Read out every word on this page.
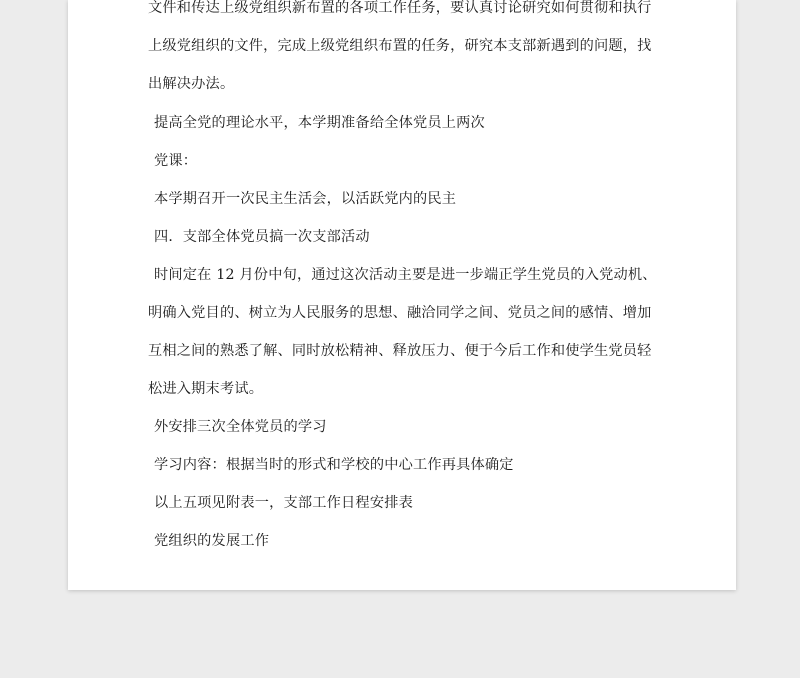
文件和传达上级党组织新布置的各项工作任务，要认真讨论研究如何贯彻和执行
上级党组织的文件，完成上级党组织布置的任务，研究本支部新遇到的问题，找
出解决办法。
提高全党的理论水平，本学期准备给全体党员上两次
党课：
本学期召开一次民主生活会，以活跃党内的民主
四．支部全体党员搞一次支部活动
时间定在 12 月份中旬，通过这次活动主要是进一步端正学生党员的入党动机、
明确入党目的、树立为人民服务的思想、融洽同学之间、党员之间的感情、增加
互相之间的熟悉了解、同时放松精神、释放压力、便于今后工作和使学生党员轻
松进入期末考试。
外安排三次全体党员的学习
学习内容：根据当时的形式和学校的中心工作再具体确定
以上五项见附表一，支部工作日程安排表
党组织的发展工作
